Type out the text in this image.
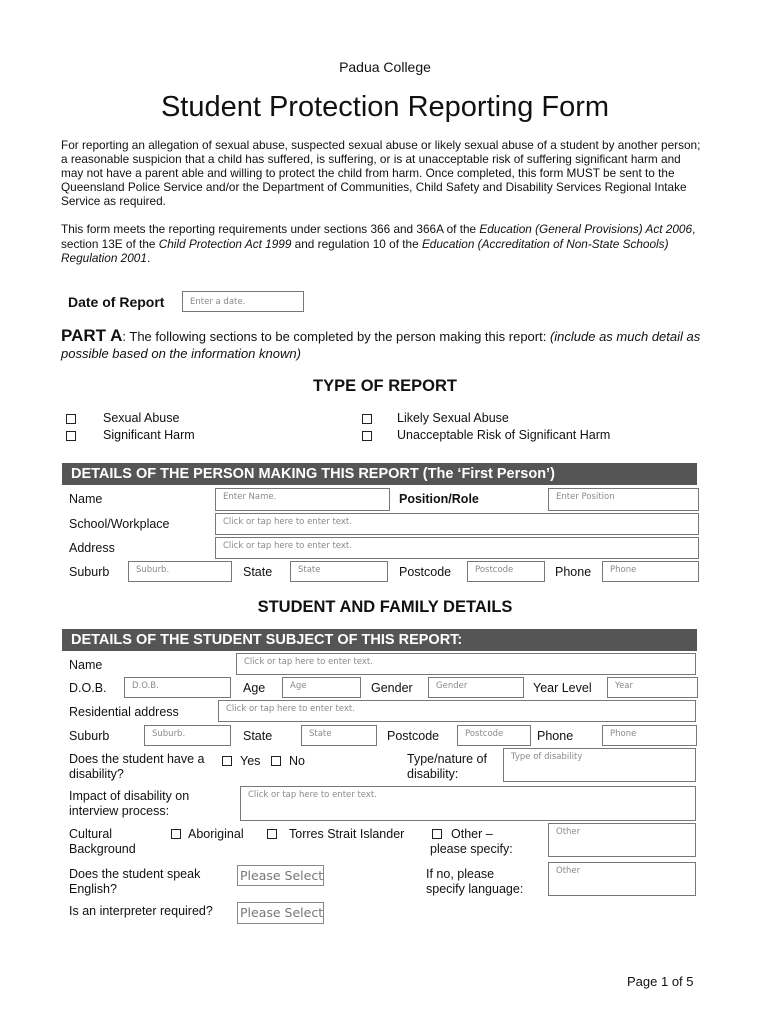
Padua College
Student Protection Reporting Form
For reporting an allegation of sexual abuse, suspected sexual abuse or likely sexual abuse of a student by another person; a reasonable suspicion that a child has suffered, is suffering, or is at unacceptable risk of suffering significant harm and may not have a parent able and willing to protect the child from harm. Once completed, this form MUST be sent to the Queensland Police Service and/or the Department of Communities, Child Safety and Disability Services Regional Intake Service as required.
This form meets the reporting requirements under sections 366 and 366A of the Education (General Provisions) Act 2006, section 13E of the Child Protection Act 1999 and regulation 10 of the Education (Accreditation of Non-State Schools) Regulation 2001.
Date of Report	Enter a date.
PART A: The following sections to be completed by the person making this report: (include as much detail as possible based on the information known)
TYPE OF REPORT
Sexual Abuse
Significant Harm
Likely Sexual Abuse
Unacceptable Risk of Significant Harm
DETAILS OF THE PERSON MAKING THIS REPORT (The ‘First Person’)
Name	Enter Name.	Position/Role	Enter Position
School/Workplace	Click or tap here to enter text.
Address	Click or tap here to enter text.
Suburb	Suburb.	State	State	Postcode	Postcode	Phone	Phone
STUDENT AND FAMILY DETAILS
DETAILS OF THE STUDENT SUBJECT OF THIS REPORT:
Name	Click or tap here to enter text.
D.O.B.	D.O.B.	Age	Age	Gender	Gender	Year Level	Year
Residential address	Click or tap here to enter text.
Suburb	Suburb.	State	State	Postcode	Postcode	Phone	Phone
Does the student have a disability?
Yes No	Type/nature of disability:
Type of disability
Impact of disability on interview process:
Click or tap here to enter text.
Cultural Background
Aboriginal	Torres Strait Islander	Other – please specify:
Other
Does the student speak English?
Please Select	If no, please specify language:
Other
Is an interpreter required? Please Select
Page 1 of 5
